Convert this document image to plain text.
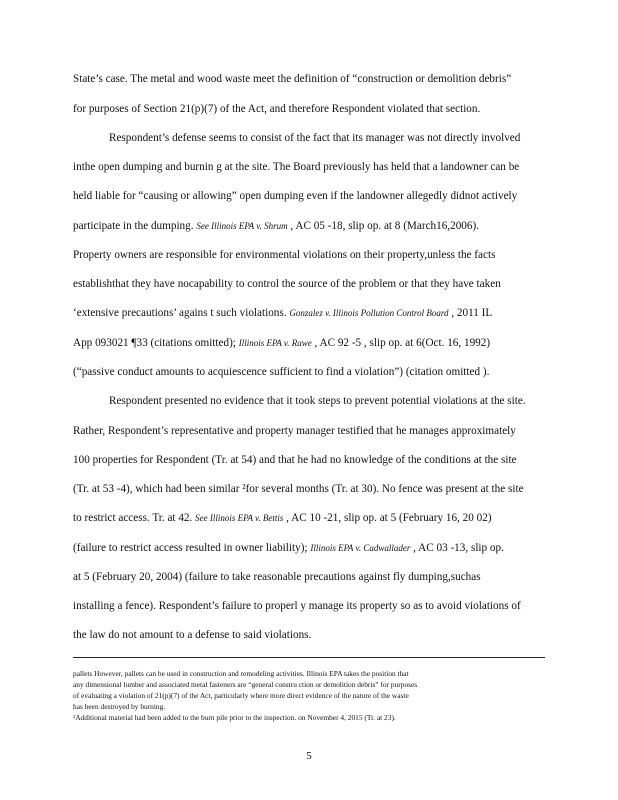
State’s case. The metal and wood waste meet the definition of “construction or demolition debris”
for purposes of Section 21(p)(7) of the Act, and therefore Respondent violated that section.
Respondent’s defense seems to consist of the fact that its manager was not directly involved
inthe open dumping and burnin g at the site. The Board previously has held that a landowner can be
held liable for “causing or allowing” open dumping even if the landowner allegedly didnot actively
participate in the dumping. See Illinois EPA v. Shrum , AC 05 -18, slip op. at 8 (March16,2006).
Property owners are responsible for environmental violations on their property,unless the facts
establishthat they have nocapability to control the source of the problem or that they have taken
‘extensive precautions’ agains t such violations. Gonzalez v. Illinois Pollution Control Board , 2011 IL
App 093021 ¶33 (citations omitted); Illinois EPA v. Rawe , AC 92 -5 , slip op. at 6(Oct. 16, 1992)
(“passive conduct amounts to acquiescence sufficient to find a violation”) (citation omitted ).
Respondent presented no evidence that it took steps to prevent potential violations at the site.
Rather, Respondent’s representative and property manager testified that he manages approximately
100 properties for Respondent (Tr. at 54) and that he had no knowledge of the conditions at the site
(Tr. at 53 -4), which had been similar ²for several months (Tr. at 30). No fence was present at the site
to restrict access. Tr. at 42. See Illinois EPA v. Bettis , AC 10 -21, slip op. at 5 (February 16, 20 02)
(failure to restrict access resulted in owner liability); Illinois EPA v. Cadwallader , AC 03 -13, slip op.
at 5 (February 20, 2004) (failure to take reasonable precautions against fly dumping,suchas
installing a fence). Respondent’s failure to properl y manage its property so as to avoid violations of
the law do not amount to a defense to said violations.
pallets However, pallets can be used in construction and remodeling activities. Illinois EPA takes the position that
any dimensional lumber and associated metal fasteners are “general constru ction or demolition debris” for purposes
of evaluating a violation of 21(p)(7) of the Act, particularly where more direct evidence of the nature of the waste
has been destroyed by burning.
²Additional material had been added to the burn pile prior to the inspection. on November 4, 2015 (Tr. at 23).
5
